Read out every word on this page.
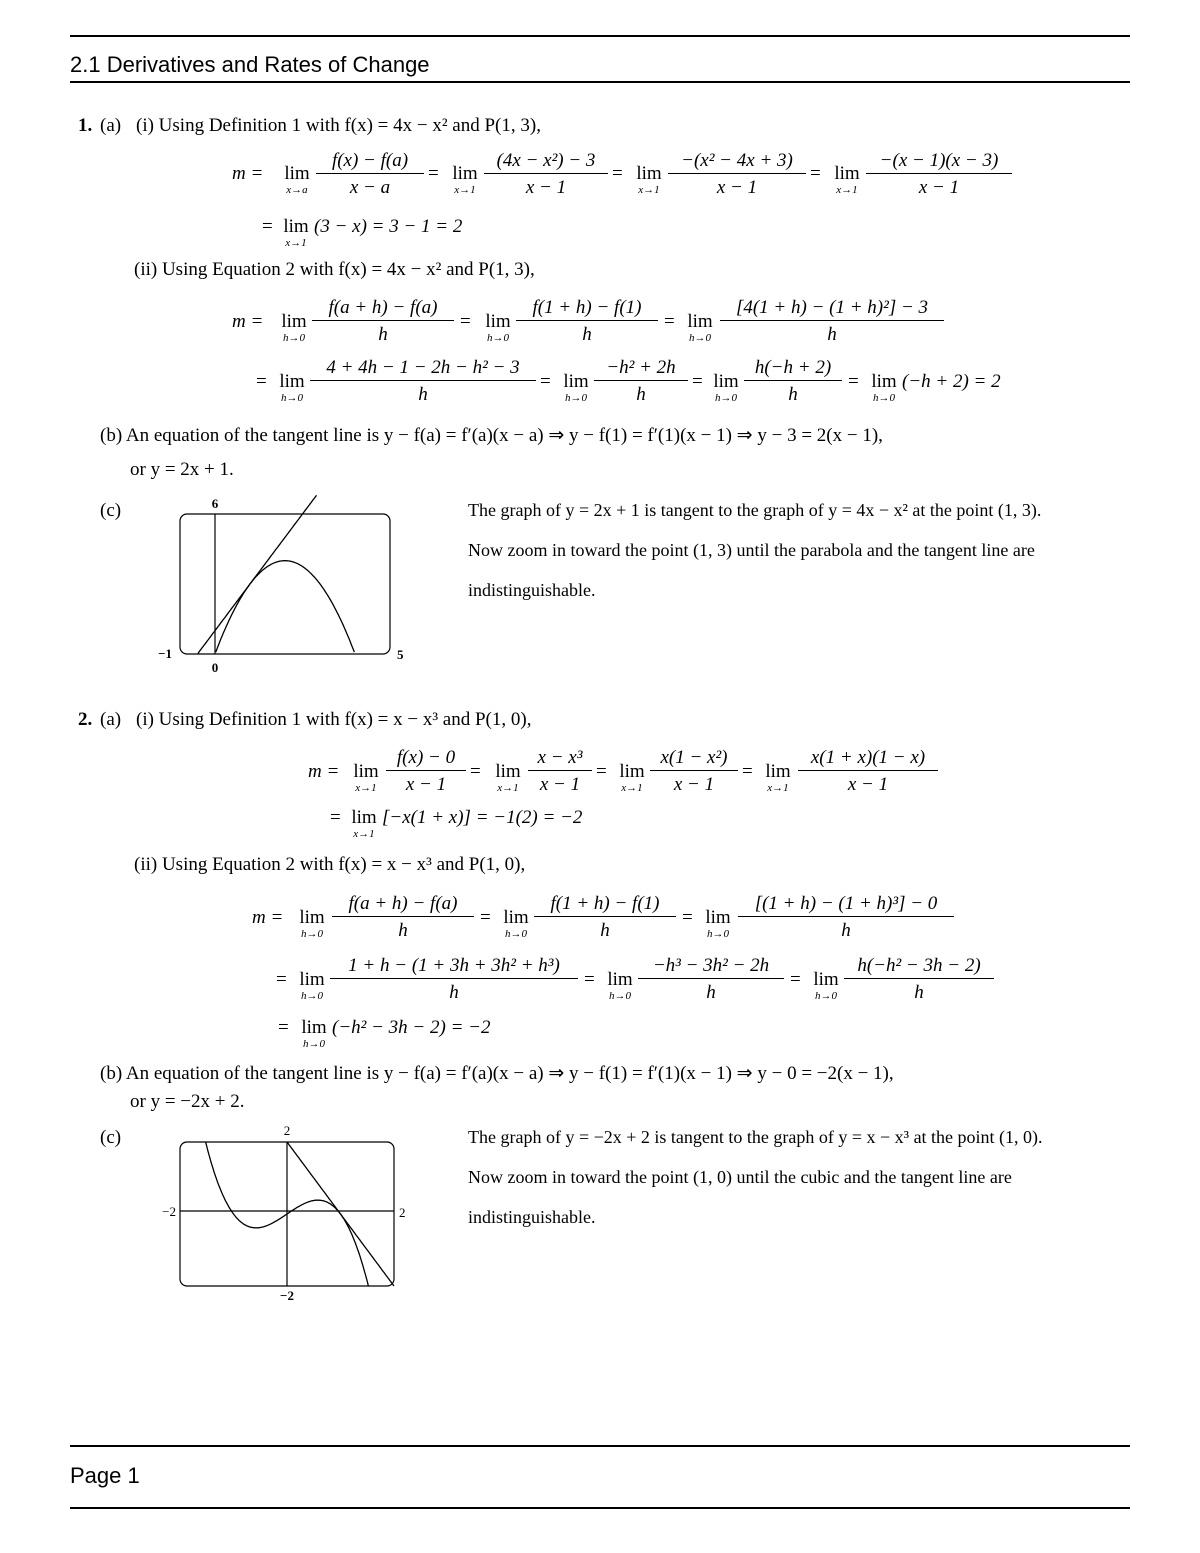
2.1 Derivatives and Rates of Change
1. (a) (i) Using Definition 1 with f(x) = 4x − x² and P(1, 3),
m =	lim
$x\to a \frac{f(x) - f(a)}{x - a} = \lim$
$x\to 1 \frac{\text{(4x − x²) − 3}}{x - 1} = \lim$
$x\to 1 \frac{\text{−(x² − 4x + 3)}}{x - 1} = \lim$
$x\to 1 \frac{-(x - 1)(x - 3)}{x - 1}$
= lim
x→1
(3 − x) = 3 − 1 = 2
(ii) Using Equation 2 with f(x) = 4x − x² and P(1, 3),
m = lim
$h\to 0 \frac{f(a + h) - f(a)}{h} = \lim$
$h\to 0 \frac{f(1 + h) - f(1)}{h} = \lim$
$h\to 0 \frac{\text{[4(1 + h) − (1 + h)²] − 3}}{h}$
= lim
$h\to 0 \frac{\text{4 + 4h − 1 − 2h − h² − 3}}{h} = \lim$
$h\to 0 \frac{\text{−h² + 2h}}{h} = \lim$
$h\to 0 \frac{h(-h + 2)}{h} = \lim$
h→0
(−h + 2) = 2
(b) An equation of the tangent line is y − f(a) = f′(a)(x − a) ⇒ y − f(1) = f′(1)(x − 1) ⇒ y − 3 = 2(x − 1),
or y = 2x + 1.
(c)	6
−1	5
0
The graph of y = 2x + 1 is tangent to the graph of y = 4x − x² at the point (1, 3). Now zoom in toward the point (1, 3) until the parabola and the tangent line are indistinguishable.
2. (a) (i) Using Definition 1 with f(x) = x − x³ and P(1, 0),
m = lim
$x\to 1 \frac{f(x) - 0}{x - 1} = \lim$
$x\to 1 \frac{\text{x − x³}}{x - 1} = \lim$
$x\to 1 \frac{\text{x(1 − x²)}}{x - 1} = \lim$
$x\to 1 \frac{x(1 + x)(1 - x)}{x - 1}$
= lim
x→1
[−x(1 + x)] = −1(2) = −2
(ii) Using Equation 2 with f(x) = x − x³ and P(1, 0),
m = lim
$h\to 0 \frac{f(a + h) - f(a)}{h} = \lim$
$h\to 0 \frac{f(1 + h) - f(1)}{h} = \lim$
$h\to 0 \frac{\text{[(1 + h) − (1 + h)³] − 0}}{h}$
= lim
$h\to 0 \frac{\text{1 + h − (1 + 3h + 3h² + h³)}}{h} = \lim$
$h\to 0 \frac{\text{−h³ − 3h² − 2h}}{h} = \lim$
$h\to 0 \frac{\text{h(−h² − 3h − 2)}}{h}$
= lim
h→0
(−h² − 3h − 2) = −2
(b) An equation of the tangent line is y − f(a) = f′(a)(x − a) ⇒ y − f(1) = f′(1)(x − 1) ⇒ y − 0 = −2(x − 1),
or y = −2x + 2.
(c)	2
−2	2
−2
The graph of y = −2x + 2 is tangent to the graph of y = x − x³ at the point (1, 0). Now zoom in toward the point (1, 0) until the cubic and the tangent line are indistinguishable.
Page 1
